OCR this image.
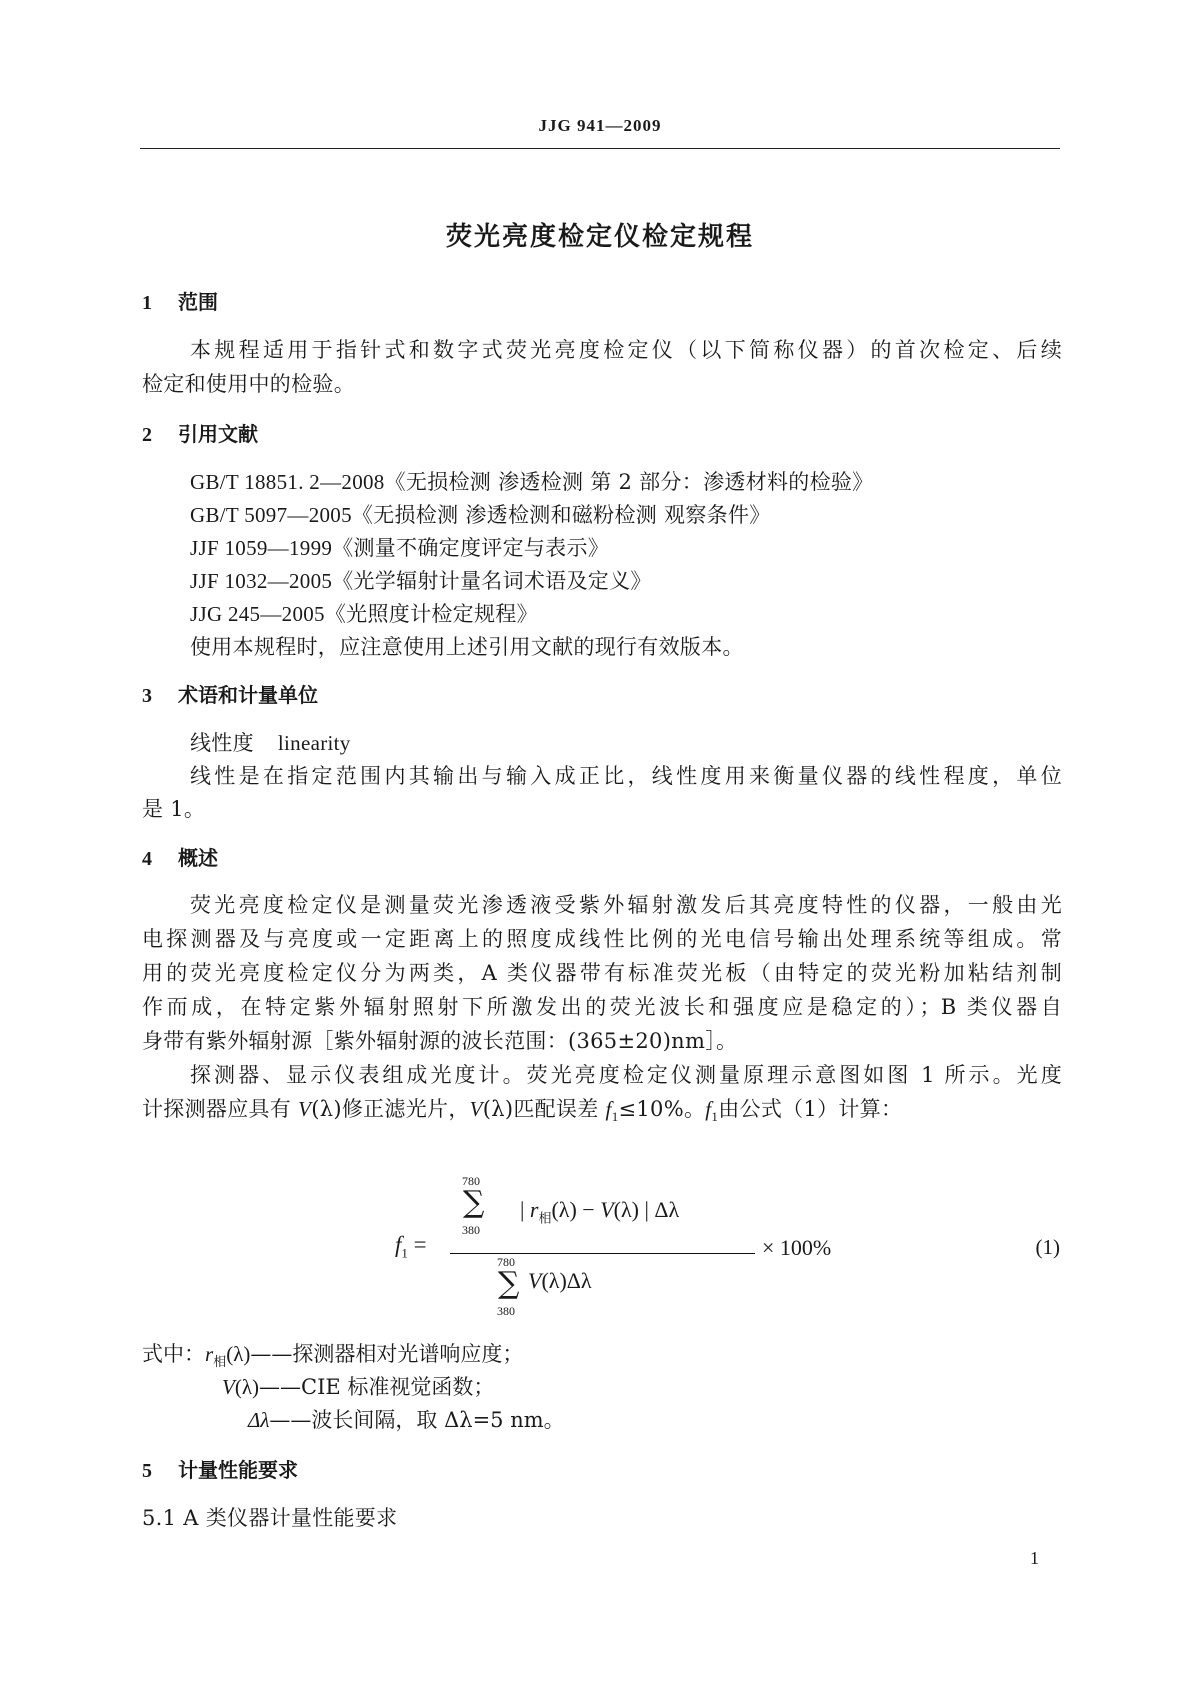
JJG 941—2009
荧光亮度检定仪检定规程
1 范围
本规程适用于指针式和数字式荧光亮度检定仪（以下简称仪器）的首次检定、后续
检定和使用中的检验。
2 引用文献
GB/T 18851. 2—2008《无损检测 渗透检测 第 2 部分：渗透材料的检验》
GB/T 5097—2005《无损检测 渗透检测和磁粉检测 观察条件》
JJF 1059—1999《测量不确定度评定与表示》
JJF 1032—2005《光学辐射计量名词术语及定义》
JJG 245—2005《光照度计检定规程》
使用本规程时，应注意使用上述引用文献的现行有效版本。
3 术语和计量单位
线性度 linearity
线性是在指定范围内其输出与输入成正比，线性度用来衡量仪器的线性程度，单位
是 1。
4 概述
荧光亮度检定仪是测量荧光渗透液受紫外辐射激发后其亮度特性的仪器，一般由光
电探测器及与亮度或一定距离上的照度成线性比例的光电信号输出处理系统等组成。常
用的荧光亮度检定仪分为两类，A 类仪器带有标准荧光板（由特定的荧光粉加粘结剂制
作而成，在特定紫外辐射照射下所激发出的荧光波长和强度应是稳定的）；B 类仪器自
身带有紫外辐射源［紫外辐射源的波长范围：(365±20)nm］。
探测器、显示仪表组成光度计。荧光亮度检定仪测量原理示意图如图 1 所示。光度
计探测器应具有 V(λ)修正滤光片，V(λ)匹配误差 $f_1\le 10\%$。$f_1$由公式（1）计算：
$f_1$ =
780
∑
380
| $r_相(\lambda) - V(\lambda)$ | Δλ
780
∑
380
V(λ)Δλ
× 100%	(1)
式中：$r_相(\lambda)——$探测器相对光谱响应度；
V(λ)——CIE 标准视觉函数；
Δλ——波长间隔，取 Δλ=5 nm。
5 计量性能要求
5.1 A 类仪器计量性能要求
1
